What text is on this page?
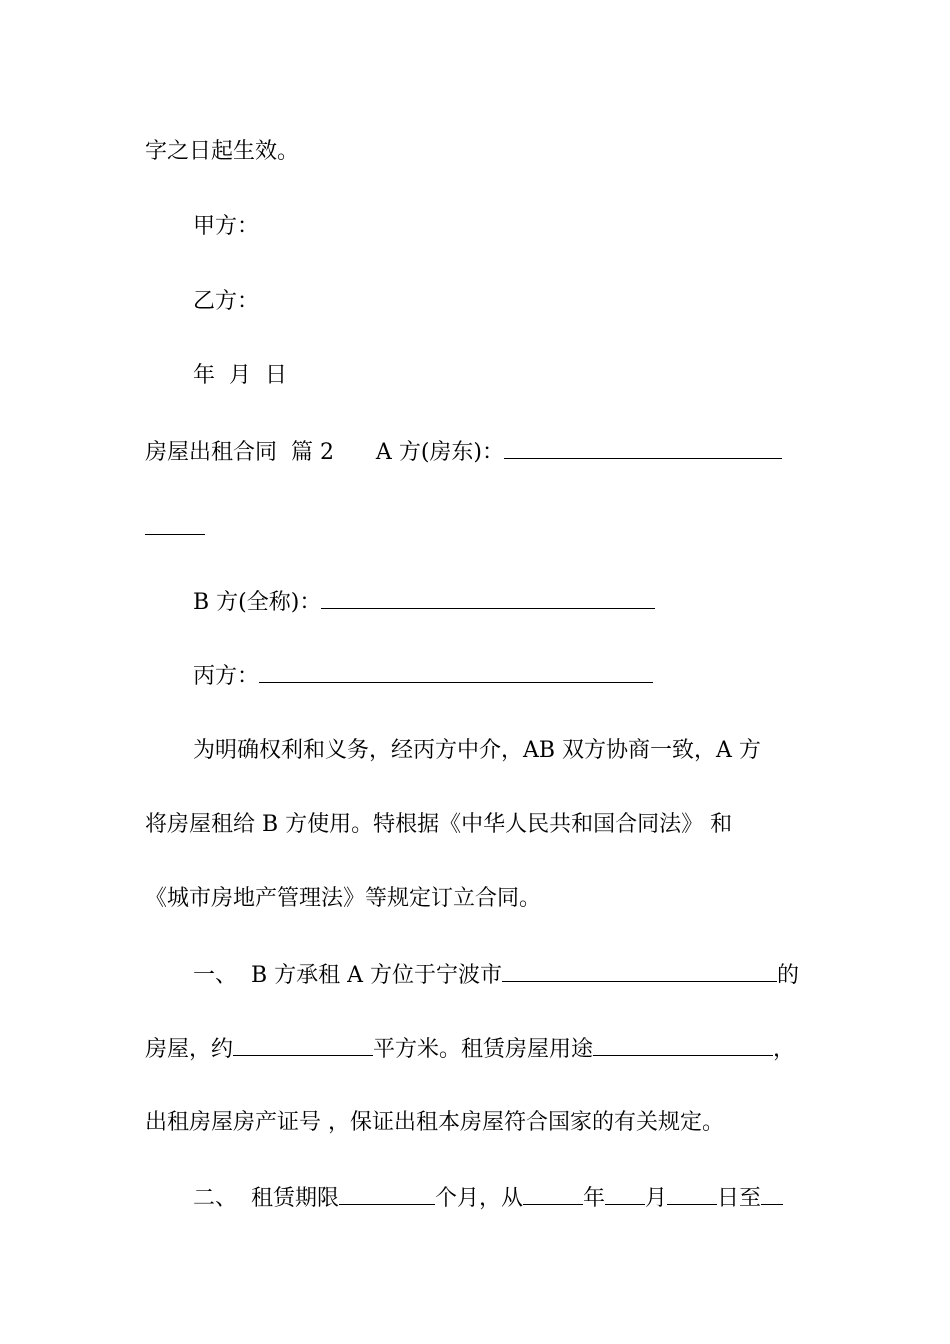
字之日起生效。
甲方：
乙方：
年  月  日
房屋出租合同  篇 2      A 方(房东)：
B 方(全称)：
丙方：
为明确权利和义务，经丙方中介，AB 双方协商一致，A 方
将房屋租给 B 方使用。特根据《中华人民共和国合同法》 和
《城市房地产管理法》等规定订立合同。
一、  B 方承租 A 方位于宁波市	的
房屋，约	平方米。租赁房屋用途	，
出租房屋房产证号 ，保证出租本房屋符合国家的有关规定。
二、  租赁期限	个月，从	年 月 日至
